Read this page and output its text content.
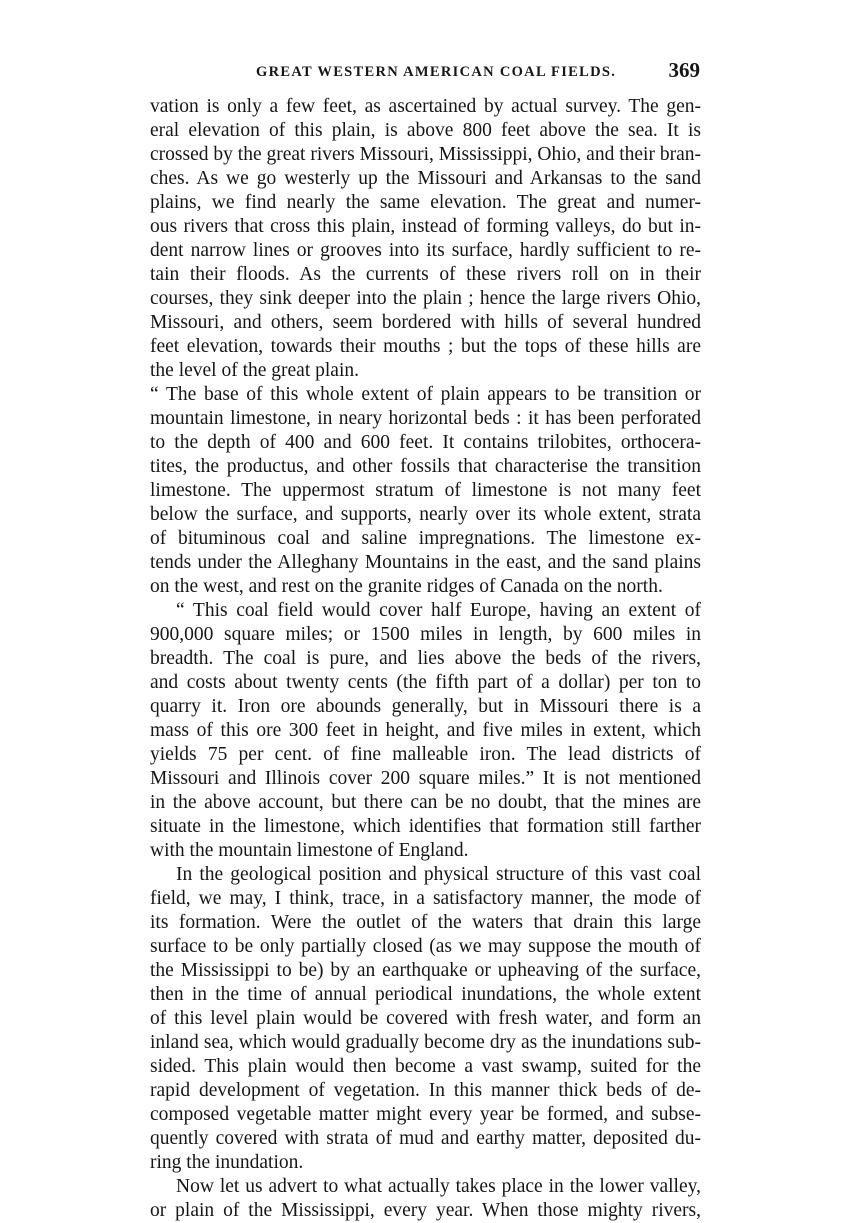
GREAT WESTERN AMERICAN COAL FIELDS. 369
vation is only a few feet, as ascertained by actual survey. The gen-
eral elevation of this plain, is above 800 feet above the sea. It is
crossed by the great rivers Missouri, Mississippi, Ohio, and their bran-
ches. As we go westerly up the Missouri and Arkansas to the sand
plains, we find nearly the same elevation. The great and numer-
ous rivers that cross this plain, instead of forming valleys, do but in-
dent narrow lines or grooves into its surface, hardly sufficient to re-
tain their floods. As the currents of these rivers roll on in their
courses, they sink deeper into the plain ; hence the large rivers Ohio,
Missouri, and others, seem bordered with hills of several hundred
feet elevation, towards their mouths ; but the tops of these hills are
the level of the great plain.
“ The base of this whole extent of plain appears to be transition or
mountain limestone, in neary horizontal beds : it has been perforated
to the depth of 400 and 600 feet. It contains trilobites, orthocera-
tites, the productus, and other fossils that characterise the transition
limestone. The uppermost stratum of limestone is not many feet
below the surface, and supports, nearly over its whole extent, strata
of bituminous coal and saline impregnations. The limestone ex-
tends under the Alleghany Mountains in the east, and the sand plains
on the west, and rest on the granite ridges of Canada on the north.
“ This coal field would cover half Europe, having an extent of
900,000 square miles; or 1500 miles in length, by 600 miles in
breadth. The coal is pure, and lies above the beds of the rivers,
and costs about twenty cents (the fifth part of a dollar) per ton to
quarry it. Iron ore abounds generally, but in Missouri there is a
mass of this ore 300 feet in height, and five miles in extent, which
yields 75 per cent. of fine malleable iron. The lead districts of
Missouri and Illinois cover 200 square miles.” It is not mentioned
in the above account, but there can be no doubt, that the mines are
situate in the limestone, which identifies that formation still farther
with the mountain limestone of England.
In the geological position and physical structure of this vast coal
field, we may, I think, trace, in a satisfactory manner, the mode of
its formation. Were the outlet of the waters that drain this large
surface to be only partially closed (as we may suppose the mouth of
the Mississippi to be) by an earthquake or upheaving of the surface,
then in the time of annual periodical inundations, the whole extent
of this level plain would be covered with fresh water, and form an
inland sea, which would gradually become dry as the inundations sub-
sided. This plain would then become a vast swamp, suited for the
rapid development of vegetation. In this manner thick beds of de-
composed vegetable matter might every year be formed, and subse-
quently covered with strata of mud and earthy matter, deposited du-
ring the inundation.
Now let us advert to what actually takes place in the lower valley,
or plain of the Mississippi, every year. When those mighty rivers,
